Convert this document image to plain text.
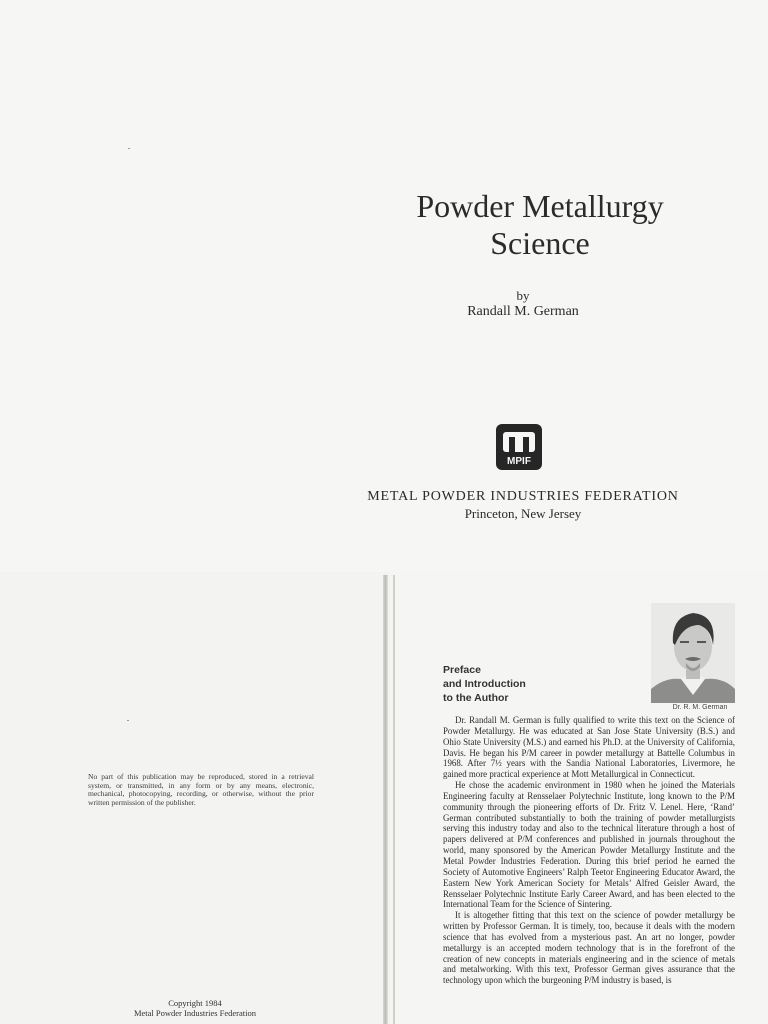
Powder Metallurgy
Science
by
Randall M. German
MPIF
METAL POWDER INDUSTRIES FEDERATION
Princeton, New Jersey
No part of this publication may be reproduced, stored in a retrieval system, or transmitted, in any form or by any means, electronic, mechanical, photocopying, recording, or otherwise, without the prior written permission of the publisher.
Copyright 1984
Metal Powder Industries Federation
Dr. R. M. German
Preface
and Introduction
to the Author

Dr. Randall M. German is fully qualified to write this text on the Science of Powder Metallurgy. He was educated at San Jose State University (B.S.) and Ohio State University (M.S.) and earned his Ph.D. at the University of California, Davis. He began his P/M career in powder metallurgy at Battelle Columbus in 1968. After 7½ years with the Sandia National Laboratories, Livermore, he gained more practical experience at Mott Metallurgical in Connecticut.

He chose the academic environment in 1980 when he joined the Materials Engineering faculty at Rensselaer Polytechnic Institute, long known to the P/M community through the pioneering efforts of Dr. Fritz V. Lenel. Here, ‘Rand’ German contributed substantially to both the training of powder metallurgists serving this industry today and also to the technical literature through a host of papers delivered at P/M conferences and published in journals throughout the world, many sponsored by the American Powder Metallurgy Institute and the Metal Powder Industries Federation. During this brief period he earned the Society of Automotive Engineers’ Ralph Teetor Engineering Educator Award, the Eastern New York American Society for Metals’ Alfred Geisler Award, the Rensselaer Polytechnic Institute Early Career Award, and has been elected to the International Team for the Science of Sintering.

It is altogether fitting that this text on the science of powder metallurgy be written by Professor German. It is timely, too, because it deals with the modern science that has evolved from a mysterious past. An art no longer, powder metallurgy is an accepted modern technology that is in the forefront of the creation of new concepts in materials engineering and in the science of metals and metalworking. With this text, Professor German gives assurance that the technology upon which the burgeoning P/M industry is based, is
